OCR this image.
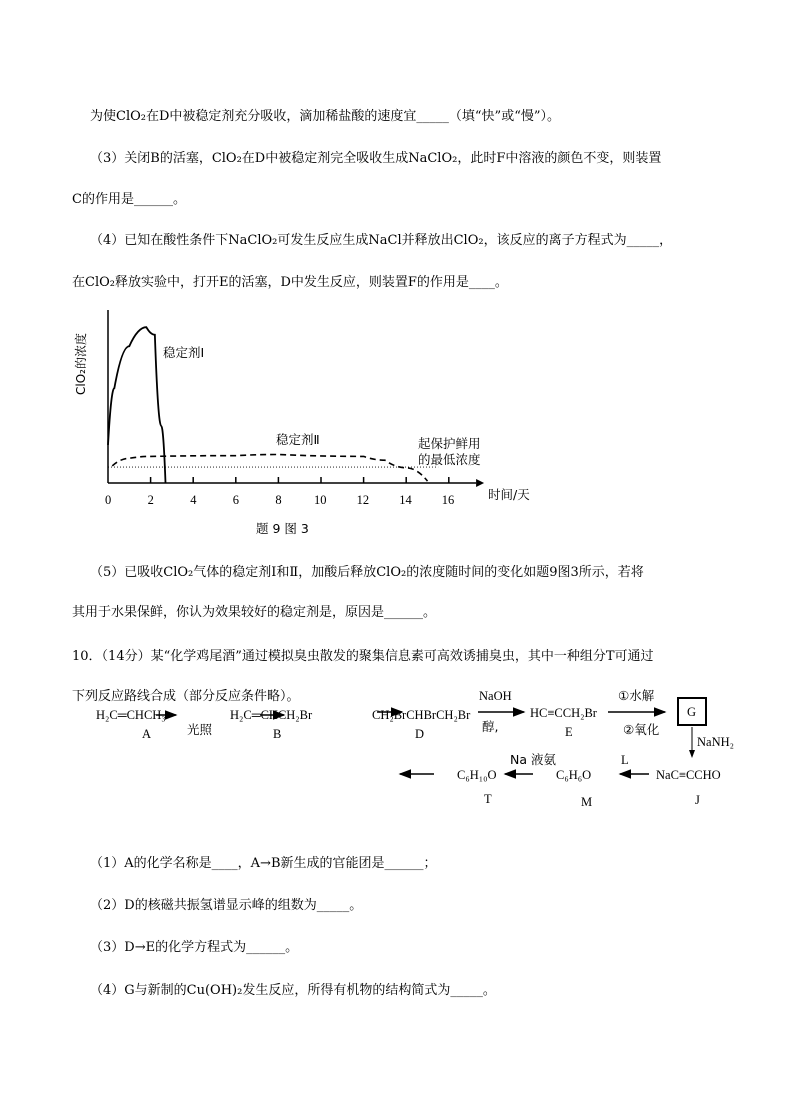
为使ClO₂在D中被稳定剂充分吸收，滴加稀盐酸的速度宜_____（填“快”或“慢”）。
（3）关闭B的活塞，ClO₂在D中被稳定剂完全吸收生成NaClO₂，此时F中溶液的颜色不变，则装置
C的作用是______。
（4）已知在酸性条件下NaClO₂可发生反应生成NaCl并释放出ClO₂，该反应的离子方程式为_____，
在ClO₂释放实验中，打开E的活塞，D中发生反应，则装置F的作用是____。
ClO₂的浓度
时间/天
稳定剂Ⅰ
稳定剂Ⅱ	起保护鲜用
的最低浓度
题 9 图 3
0	2	4	6	8	10 12 14 16
（5）已吸收ClO₂气体的稳定剂Ⅰ和Ⅱ，加酸后释放ClO₂的浓度随时间的变化如题9图3所示，若将
其用于水果保鲜，你认为效果较好的稳定剂是，原因是______。
10．（14分）某“化学鸡尾酒”通过模拟臭虫散发的聚集信息素可高效诱捕臭虫，其中一种组分T可通过
下列反应路线合成（部分反应条件略）。
H₂C═CHCH₃
A	光照
H₂C═CHCH₂Br
B
CH₂BrCHBrCH₂Br
D
NaOH
醇,
HC≡CCH₂Br
E
①水解
②氧化
G
NaNH₂
NaC≡CCHO
J
L
C₆H₆O
M
Na 液氨
C₆H₁₀O
T
（1）A的化学名称是____，A→B新生成的官能团是______；
（2）D的核磁共振氢谱显示峰的组数为_____。
（3）D→E的化学方程式为______。
（4）G与新制的Cu(OH)₂发生反应，所得有机物的结构简式为_____。
